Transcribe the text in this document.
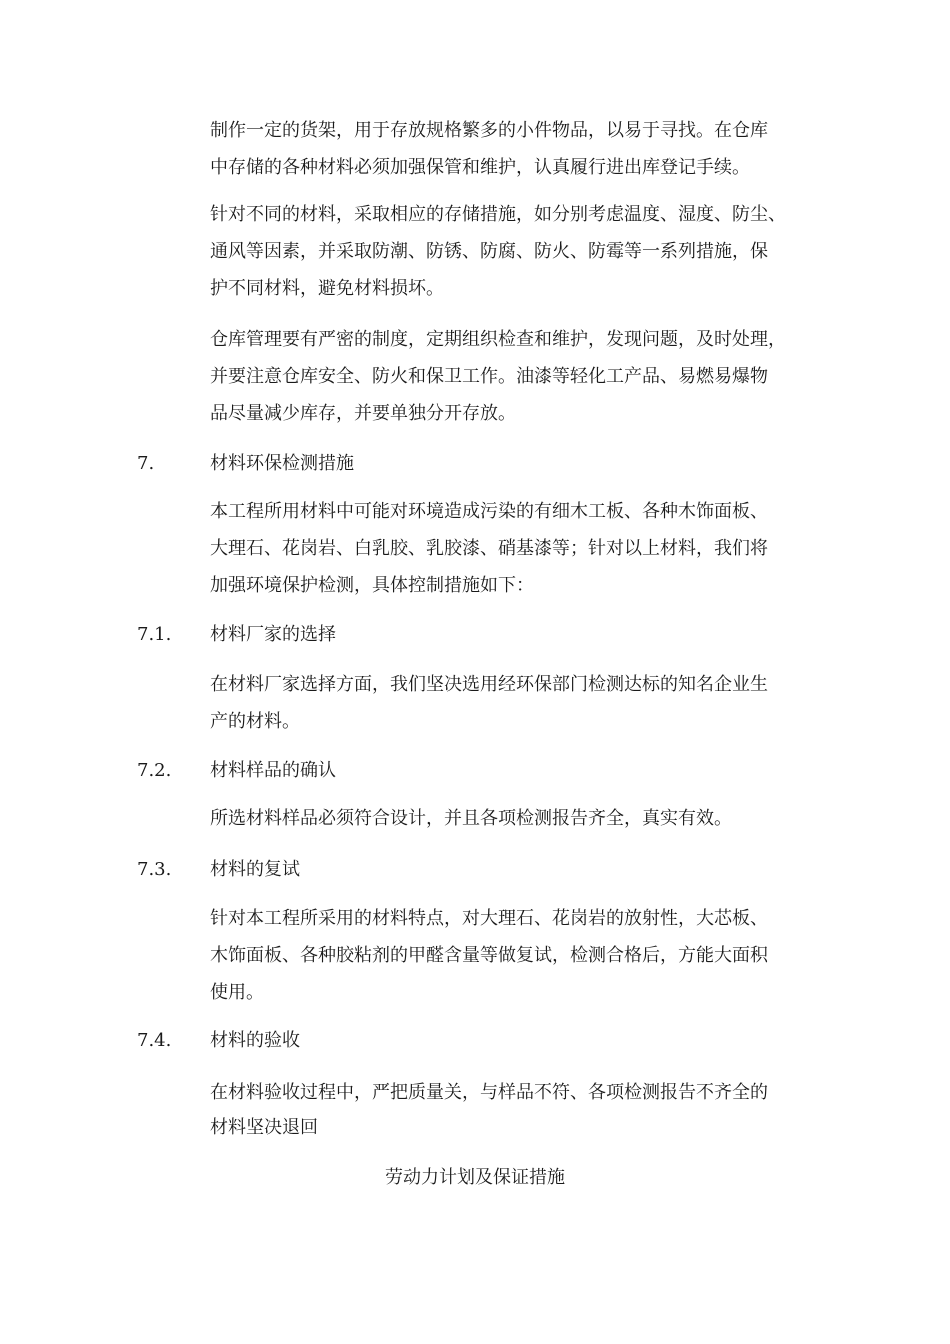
制作一定的货架，用于存放规格繁多的小件物品，以易于寻找。在仓库
中存储的各种材料必须加强保管和维护，认真履行进出库登记手续。
针对不同的材料，采取相应的存储措施，如分别考虑温度、湿度、防尘、
通风等因素，并采取防潮、防锈、防腐、防火、防霉等一系列措施，保
护不同材料，避免材料损坏。
仓库管理要有严密的制度，定期组织检查和维护，发现问题，及时处理，
并要注意仓库安全、防火和保卫工作。油漆等轻化工产品、易燃易爆物
品尽量减少库存，并要单独分开存放。
7.	材料环保检测措施
本工程所用材料中可能对环境造成污染的有细木工板、各种木饰面板、
大理石、花岗岩、白乳胶、乳胶漆、硝基漆等；针对以上材料，我们将
加强环境保护检测，具体控制措施如下：
7.1. 材料厂家的选择
在材料厂家选择方面，我们坚决选用经环保部门检测达标的知名企业生
产的材料。
7.2. 材料样品的确认
所选材料样品必须符合设计，并且各项检测报告齐全，真实有效。
7.3. 材料的复试
针对本工程所采用的材料特点，对大理石、花岗岩的放射性，大芯板、
木饰面板、各种胶粘剂的甲醛含量等做复试，检测合格后，方能大面积
使用。
7.4. 材料的验收
在材料验收过程中，严把质量关，与样品不符、各项检测报告不齐全的
材料坚决退回
劳动力计划及保证措施
